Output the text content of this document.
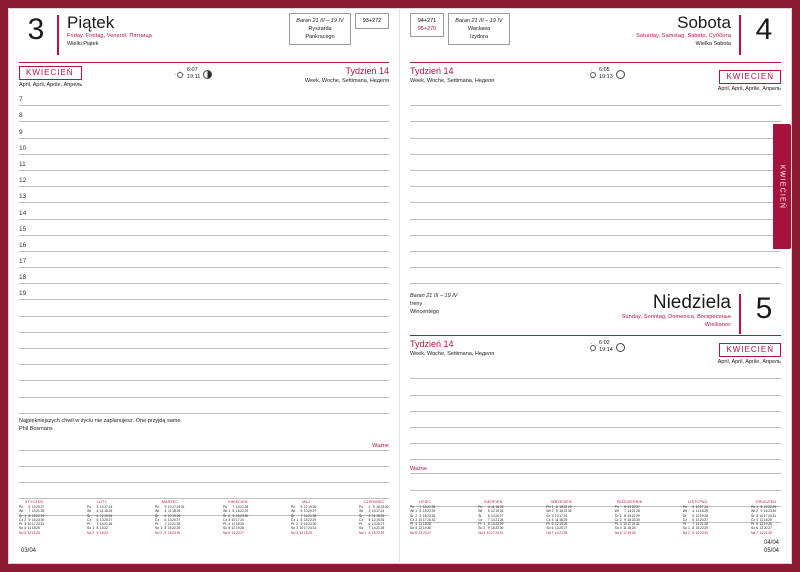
3	Piątek
Friday, Freitag, Venerdi, Пятница
Wielki Piątek
Baran 21 III – 19 IV
Ryszarda
Pankracego
93+272
KWIECIEŃ
April, April, Aprile, Апрель
6:07
19:11
Tydzień 14
Week, Woche, Settimana, Неделя
7
8
9
10
11
12
13
14
15
16
17
18
19
Najpiękniejszych chwil w życiu nie zaplanujesz. One przyjdą same.
Phil Bosmans
Ważne
STYCZEŃ
Pn	6 13 20 27
Wt	7 14 21 28
Śr 1 8 15 22 29
Cz 2 9 16 23 30
Pt 3 10 17 24 31
So 4 11 18 25
Nd 5 12 19 26
LUTY
Pn	3 10 17 24
Wt	4 11 18 25
Śr	5 12 19 26
Cz	6 13 20 27
Pt	7 14 21 28
So 1 8 15 22
Nd 2 9 16 23
MARZEC
Pn	3 10 17 24 31
Wt	4 11 18 25
Śr	5 12 19 26
Cz	6 13 20 27
Pt	7 14 21 28
So 1 8 15 22 29
Nd 2 9 16 23 30
KWIECIEŃ
Pn	7 14 21 28
Wt 1 8 15 22 29
Śr 2 9 16 23 30
Cz 3 10 17 24
Pt 4 11 18 25
So 5 12 19 26
Nd 6 13 20 27
MAJ
Pn	5 12 19 26
Wt	6 13 20 27
Śr	7 14 21 28
Cz 1 8 15 22 29
Pt 2 9 16 23 30
So 3 10 17 24 31
Nd 4 11 18 25
CZERWIEC
Pn	2 9 16 23 30
Wt	3 10 17 24
Śr	4 11 18 25
Cz	5 12 19 26
Pt	6 13 20 27
So	7 14 21 28
Nd 1 8 15 22 29
03/04
94+271
95+270
Baran 21 III – 19 IV
Wacława
Izydora
Sobota
Saturday, Samstag, Sabato, Суббота
Wielka Sobota 4
Tydzień 14
Week, Woche, Settimana, Неделя
6:05
19:13	KWIECIEŃ
April, April, Aprile, Апрель
Baran 21 III – 19 IV
Ireny
Wincentego	Niedziela
Sunday, Sonntag, Domenica, Воскресенье
Wielkanoc 5
Tydzień 14
Week, Woche, Settimana, Неделя
6:02
19:14	KWIECIEŃ
April, April, Aprile, Апрель
Ważne
LIPIEC
Pn	7 14 21 28
Wt 1 8 15 22 29
Śr 2 9 16 23 30
Cz 3 10 17 24 31
Pt 4 11 18 25
So 5 12 19 26
Nd 6 13 20 27
SIERPIEŃ
Pn	4 11 18 25
Wt	5 12 19 26
Śr	6 13 20 27
Cz	7 14 21 28
Pt 1 8 15 22 29
So 2 9 16 23 30
Nd 3 10 17 24 31
WRZESIEŃ
Pn 1 8 15 22 29
Wt 2 9 16 23 30
Śr 3 10 17 24
Cz 4 11 18 25
Pt 5 12 19 26
So 6 13 20 27
Nd 7 14 21 28
PAŹDZIERNIK
Pn	6 13 20 27
Wt	7 14 21 28
Śr 1 8 15 22 29
Cz 2 9 16 23 30
Pt 3 10 17 24 31
So 4 11 18 25
Nd 5 12 19 26
LISTOPAD
Pn	3 10 17 24
Wt	4 11 18 25
Śr	5 12 19 26
Cz	6 13 20 27
Pt	7 14 21 28
So 1 8 15 22 29
Nd 2 9 16 23 30
GRUDZIEŃ
Pn 1 8 15 22 29
Wt 2 9 16 23 30
Śr 3 10 17 24 31
Cz 4 11 18 25
Pt 5 12 19 26
So 6 13 20 27
Nd 7 14 21 28
04/04
05/04
KWIECIEŃ
